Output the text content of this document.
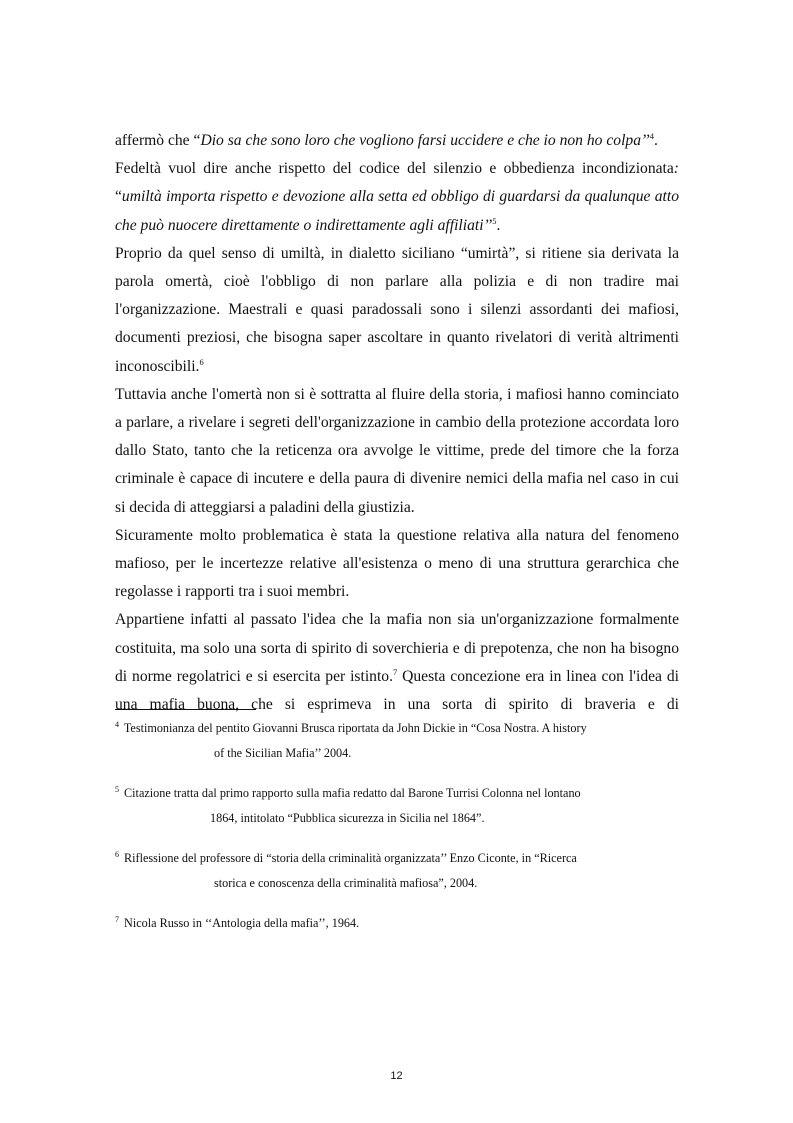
affermò che “Dio sa che sono loro che vogliono farsi uccidere e che io non ho colpa’’$^4$.

Fedeltà vuol dire anche rispetto del codice del silenzio e obbedienza incondizionata: “umiltà importa rispetto e devozione alla setta ed obbligo di guardarsi da qualunque atto che può nuocere direttamente o indirettamente agli affiliati’’$^5$.

Proprio da quel senso di umiltà, in dialetto siciliano “umirtà”, si ritiene sia derivata la parola omertà, cioè l'obbligo di non parlare alla polizia e di non tradire mai l'organizzazione. Maestrali e quasi paradossali sono i silenzi assordanti dei mafiosi, documenti preziosi, che bisogna saper ascoltare in quanto rivelatori di verità altrimenti inconoscibili.$^6$

Tuttavia anche l'omertà non si è sottratta al fluire della storia, i mafiosi hanno cominciato a parlare, a rivelare i segreti dell'organizzazione in cambio della protezione accordata loro dallo Stato, tanto che la reticenza ora avvolge le vittime, prede del timore che la forza criminale è capace di incutere e della paura di divenire nemici della mafia nel caso in cui si decida di atteggiarsi a paladini della giustizia.

Sicuramente molto problematica è stata la questione relativa alla natura del fenomeno mafioso, per le incertezze relative all'esistenza o meno di una struttura gerarchica che regolasse i rapporti tra i suoi membri.

Appartiene infatti al passato l'idea che la mafia non sia un'organizzazione formalmente costituita, ma solo una sorta di spirito di soverchieria e di prepotenza, che non ha bisogno di norme regolatrici e si esercita per istinto.$^7$ Questa concezione era in linea con l'idea di una mafia buona, che si esprimeva in una sorta di spirito di braveria e di

$^4$ Testimonianza del pentito Giovanni Brusca riportata da John Dickie in “Cosa Nostra. A history
of the Sicilian Mafia’’ 2004.
$^5$ Citazione tratta dal primo rapporto sulla mafia redatto dal Barone Turrisi Colonna nel lontano
1864, intitolato “Pubblica sicurezza in Sicilia nel 1864”.
$^6$ Riflessione del professore di “storia della criminalità organizzata’’ Enzo Ciconte, in “Ricerca
storica e conoscenza della criminalità mafiosa”, 2004.
$^7$ Nicola Russo in ‘‘Antologia della mafia’’, 1964.
12
